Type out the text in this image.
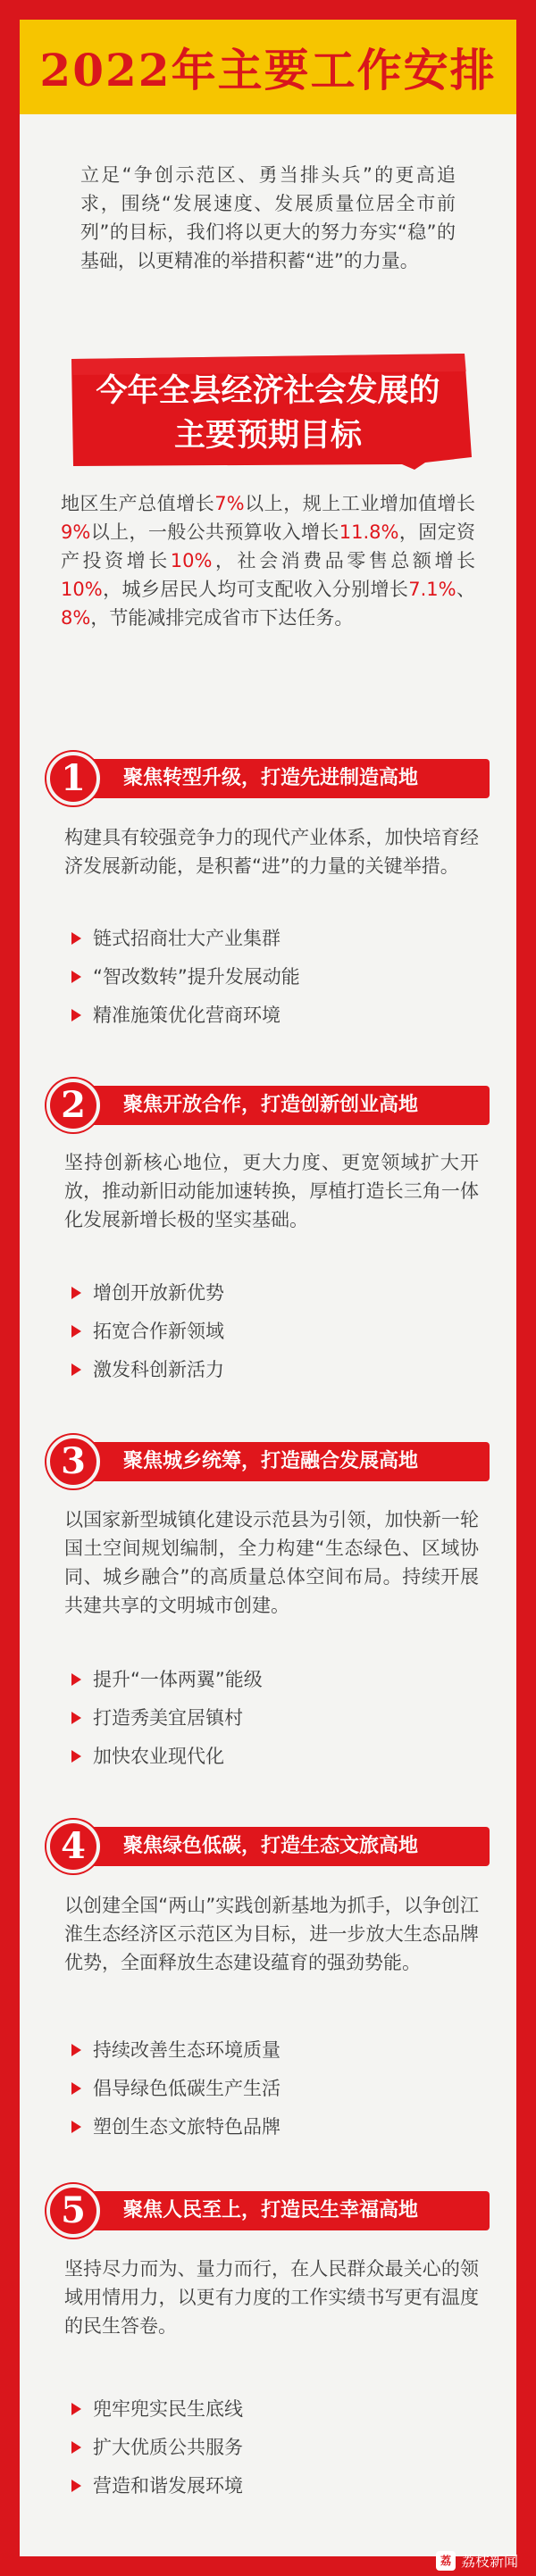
2022年主要工作安排
立足“争创示范区、勇当排头兵”的更高追求，围绕“发展速度、发展质量位居全市前列”的目标，我们将以更大的努力夯实“稳”的基础，以更精准的举措积蓄“进”的力量。
今年全县经济社会发展的
主要预期目标
地区生产总值增长7%以上，规上工业增加值增长9%以上，一般公共预算收入增长11.8%，固定资产投资增长10%，社会消费品零售总额增长10%，城乡居民人均可支配收入分别增长7.1%、8%，节能减排完成省市下达任务。
1 聚焦转型升级，打造先进制造高地
构建具有较强竞争力的现代产业体系，加快培育经济发展新动能，是积蓄“进”的力量的关键举措。
链式招商壮大产业集群
“智改数转”提升发展动能
精准施策优化营商环境
2 聚焦开放合作，打造创新创业高地
坚持创新核心地位，更大力度、更宽领域扩大开放，推动新旧动能加速转换，厚植打造长三角一体化发展新增长极的坚实基础。
增创开放新优势
拓宽合作新领域
激发科创新活力
3 聚焦城乡统筹，打造融合发展高地
以国家新型城镇化建设示范县为引领，加快新一轮国土空间规划编制，全力构建“生态绿色、区域协同、城乡融合”的高质量总体空间布局。持续开展共建共享的文明城市创建。
提升“一体两翼”能级
打造秀美宜居镇村
加快农业现代化
4 聚焦绿色低碳，打造生态文旅高地
以创建全国“两山”实践创新基地为抓手，以争创江淮生态经济区示范区为目标，进一步放大生态品牌优势，全面释放生态建设蕴育的强劲势能。
持续改善生态环境质量
倡导绿色低碳生产生活
塑创生态文旅特色品牌
5 聚焦人民至上，打造民生幸福高地
坚持尽力而为、量力而行，在人民群众最关心的领域用情用力，以更有力度的工作实绩书写更有温度的民生答卷。
兜牢兜实民生底线
扩大优质公共服务
营造和谐发展环境
荔 荔枝新闻
